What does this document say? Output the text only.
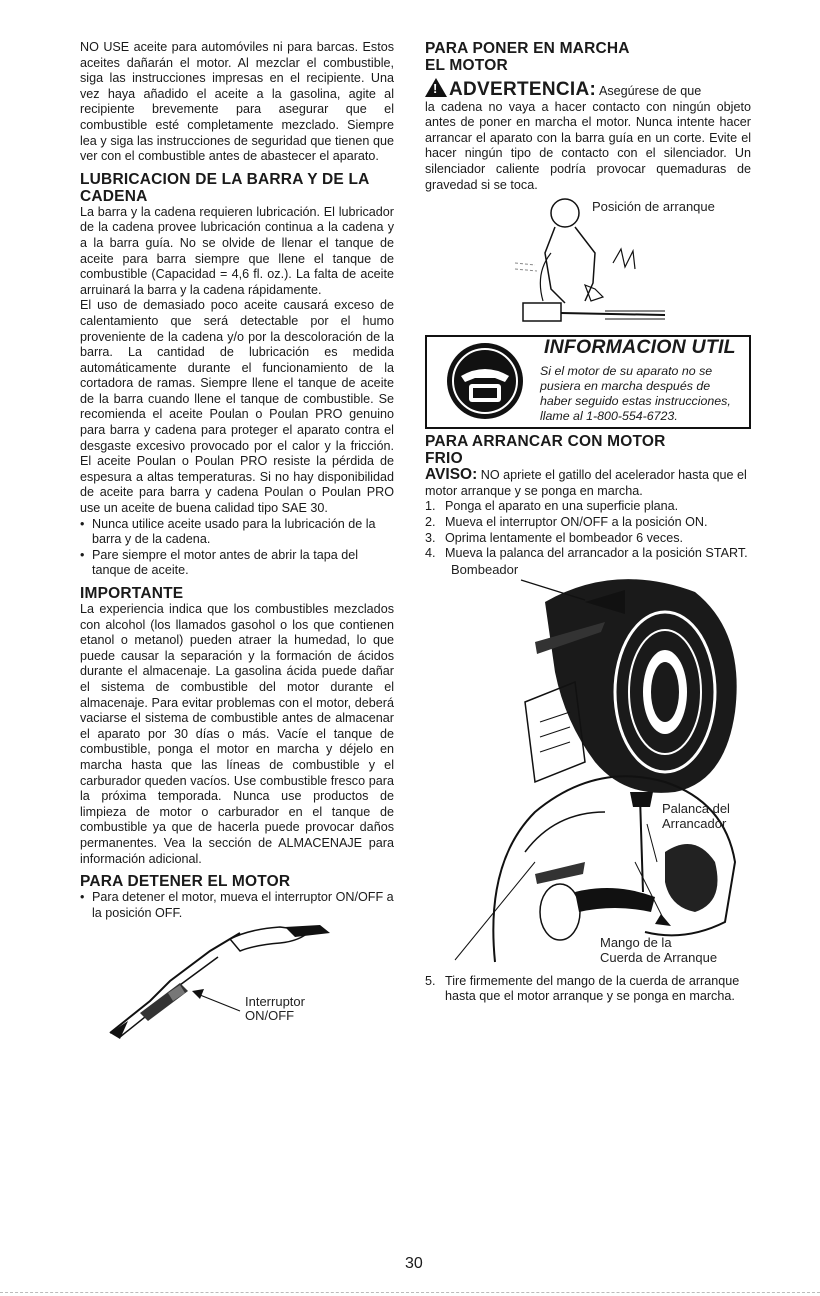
NO USE aceite para automóviles ni para barcas. Estos aceites dañarán el motor. Al mezclar el combustible, siga las instrucciones impresas en el recipiente. Una vez haya añadido el aceite a la gasolina, agite al recipiente brevemente para asegurar que el combustible esté completamente mezclado. Siempre lea y siga las instrucciones de seguridad que tienen que ver con el combustible antes de abastecer el aparato.

LUBRICACION DE LA BARRA Y DE LA CADENA

La barra y la cadena requieren lubricación. El lubricador de la cadena provee lubricación continua a la cadena y a la barra guía. No se olvide de llenar el tanque de aceite para barra siempre que llene el tanque de combustible (Capacidad = 4,6 fl. oz.). La falta de aceite arruinará la barra y la cadena rápidamente.

El uso de demasiado poco aceite causará exceso de calentamiento que será detectable por el humo proveniente de la cadena y/o por la descoloración de la barra. La cantidad de lubricación es medida automáticamente durante el funcionamiento de la cortadora de ramas. Siempre llene el tanque de aceite de la barra cuando llene el tanque de combustible. Se recomienda el aceite Poulan o Poulan PRO genuino para barra y cadena para proteger el aparato contra el desgaste excesivo provocado por el calor y la fricción. El aceite Poulan o Poulan PRO resiste la pérdida de espesura a altas temperaturas. Si no hay disponibilidad de aceite para barra y cadena Poulan o Poulan PRO use un aceite de buena calidad tipo SAE 30.

• Nunca utilice aceite usado para la lubricación de la barra y de la cadena.
• Pare siempre el motor antes de abrir la tapa del tanque de aceite.
IMPORTANTE

La experiencia indica que los combustibles mezclados con alcohol (los llamados gasohol o los que contienen etanol o metanol) pueden atraer la humedad, lo que puede causar la separación y la formación de ácidos durante el almacenaje. La gasolina ácida puede dañar el sistema de combustible del motor durante el almacenaje. Para evitar problemas con el motor, deberá vaciarse el sistema de combustible antes de almacenar el aparato por 30 días o más. Vacíe el tanque de combustible, ponga el motor en marcha y déjelo en marcha hasta que las líneas de combustible y el carburador queden vacíos. Use combustible fresco para la próxima temporada. Nunca use productos de limpieza de motor o carburador en el tanque de combustible ya que de hacerla puede provocar daños permanentes. Vea la sección de ALMACENAJE para información adicional.

PARA DETENER EL MOTOR
• Para detener el motor, mueva el interruptor ON/OFF a la posición OFF.
Interruptor
ON/OFF
PARA PONER EN MARCHA
EL MOTOR
!ADVERTENCIA: Asegúrese de que

la cadena no vaya a hacer contacto con ningún objeto antes de poner en marcha el motor. Nunca intente hacer arrancar el aparato con la barra guía en un corte. Evite el hacer ningún tipo de contacto con el silenciador. Un silenciador caliente podría provocar quemaduras de gravedad si se toca.

Posición de arranque
INFORMACION UTIL
Si el motor de su aparato no se pusiera en marcha después de haber seguido estas instrucciones, llame al 1-800-554-6723.
PARA ARRANCAR CON MOTOR
FRIO

AVISO: NO apriete el gatillo del acelerador hasta que el motor arranque y se ponga en marcha.

1. Ponga el aparato en una superficie plana.
2. Mueva el interruptor ON/OFF a la posición ON.
3. Oprima lentamente el bombeador 6 veces.
4. Mueva la palanca del arrancador a la posición START.
Bombeador
Palanca del
Arrancador
Mango de la
Cuerda de Arranque
5. Tire firmemente del mango de la cuerda de arranque hasta que el motor arranque y se ponga en marcha.
30
